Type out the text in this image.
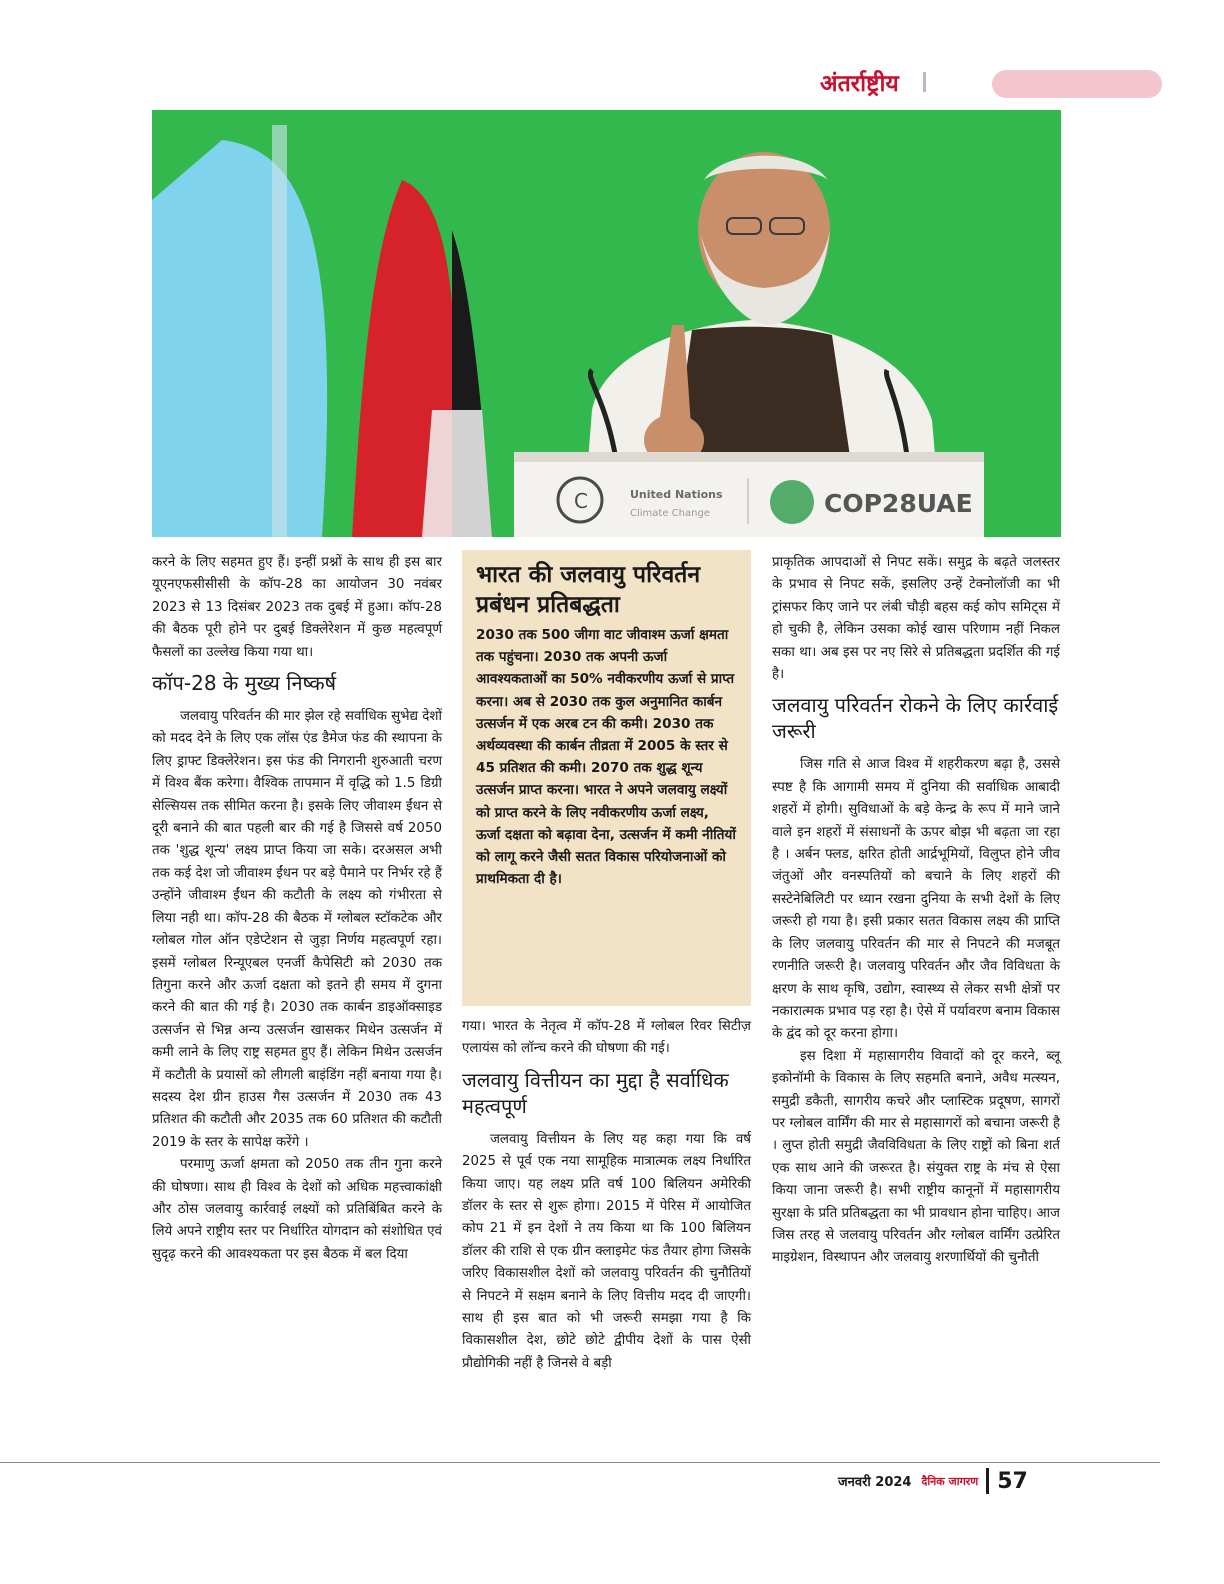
अंतर्राष्ट्रीय
C	United Nations
Climate Change	COP28UAE

करने के लिए सहमत हुए हैं। इन्हीं प्रश्नों के साथ ही इस बार यूएनएफसीसीसी के कॉप-28 का आयोजन 30 नवंबर 2023 से 13 दिसंबर 2023 तक दुबई में हुआ। कॉप-28 की बैठक पूरी होने पर दुबई डिक्लेरेशन में कुछ महत्वपूर्ण फैसलों का उल्लेख किया गया था।

कॉप-28 के मुख्य निष्कर्ष

जलवायु परिवर्तन की मार झेल रहे सर्वाधिक सुभेद्य देशों को मदद देने के लिए एक लॉस एंड डैमेज फंड की स्थापना के लिए ड्राफ्ट डिक्लेरेशन। इस फंड की निगरानी शुरुआती चरण में विश्व बैंक करेगा। वैश्विक तापमान में वृद्धि को 1.5 डिग्री सेल्सियस तक सीमित करना है। इसके लिए जीवाश्म ईंधन से दूरी बनाने की बात पहली बार की गई है जिससे वर्ष 2050 तक 'शुद्ध शून्य' लक्ष्य प्राप्त किया जा सके। दरअसल अभी तक कई देश जो जीवाश्म ईंधन पर बड़े पैमाने पर निर्भर रहे हैं उन्होंने जीवाश्म ईंधन की कटौती के लक्ष्य को गंभीरता से लिया नही था। कॉप-28 की बैठक में ग्लोबल स्टॉकटेक और ग्लोबल गोल ऑन एडेप्टेशन से जुड़ा निर्णय महत्वपूर्ण रहा। इसमें ग्लोबल रिन्यूएबल एनर्जी कैपेसिटी को 2030 तक तिगुना करने और ऊर्जा दक्षता को इतने ही समय में दुगना करने की बात की गई है। 2030 तक कार्बन डाइऑक्साइड उत्सर्जन से भिन्न अन्य उत्सर्जन खासकर मिथेन उत्सर्जन में कमी लाने के लिए राष्ट्र सहमत हुए हैं। लेकिन मिथेन उत्सर्जन में कटौती के प्रयासों को लीगली बाइंडिंग नहीं बनाया गया है। सदस्य देश ग्रीन हाउस गैस उत्सर्जन में 2030 तक 43 प्रतिशत की कटौती और 2035 तक 60 प्रतिशत की कटौती 2019 के स्तर के सापेक्ष करेंगे ।

परमाणु ऊर्जा क्षमता को 2050 तक तीन गुना करने की घोषणा। साथ ही विश्व के देशों को अधिक महत्त्वाकांक्षी और ठोस जलवायु कार्रवाई लक्ष्यों को प्रतिबिंबित करने के लिये अपने राष्ट्रीय स्तर पर निर्धारित योगदान को संशोधित एवं सुदृढ़ करने की आवश्यकता पर इस बैठक में बल दिया

भारत की जलवायु परिवर्तन प्रबंधन प्रतिबद्धता

2030 तक 500 जीगा वाट जीवाश्म ऊर्जा क्षमता तक पहुंचना। 2030 तक अपनी ऊर्जा आवश्यकताओं का 50% नवीकरणीय ऊर्जा से प्राप्त करना। अब से 2030 तक कुल अनुमानित कार्बन उत्सर्जन में एक अरब टन की कमी। 2030 तक अर्थव्यवस्था की कार्बन तीव्रता में 2005 के स्तर से 45 प्रतिशत की कमी। 2070 तक शुद्ध शून्य उत्सर्जन प्राप्त करना। भारत ने अपने जलवायु लक्ष्यों को प्राप्त करने के लिए नवीकरणीय ऊर्जा लक्ष्य, ऊर्जा दक्षता को बढ़ावा देना, उत्सर्जन में कमी नीतियों को लागू करने जैसी सतत विकास परियोजनाओं को प्राथमिकता दी है।

गया। भारत के नेतृत्व में कॉप-28 में ग्लोबल रिवर सिटीज़ एलायंस को लॉन्च करने की घोषणा की गई।

जलवायु वित्तीयन का मुद्दा है सर्वाधिक महत्वपूर्ण

जलवायु वित्तीयन के लिए यह कहा गया कि वर्ष 2025 से पूर्व एक नया सामूहिक मात्रात्मक लक्ष्य निर्धारित किया जाए। यह लक्ष्य प्रति वर्ष 100 बिलियन अमेरिकी डॉलर के स्तर से शुरू होगा। 2015 में पेरिस में आयोजित कोप 21 में इन देशों ने तय किया था कि 100 बिलियन डॉलर की राशि से एक ग्रीन क्लाइमेट फंड तैयार होगा जिसके जरिए विकासशील देशों को जलवायु परिवर्तन की चुनौतियों से निपटने में सक्षम बनाने के लिए वित्तीय मदद दी जाएगी। साथ ही इस बात को भी जरूरी समझा गया है कि विकासशील देश, छोटे छोटे द्वीपीय देशों के पास ऐसी प्रौद्योगिकी नहीं है जिनसे वे बड़ी

प्राकृतिक आपदाओं से निपट सकें। समुद्र के बढ़ते जलस्तर के प्रभाव से निपट सकें, इसलिए उन्हें टेक्नोलॉजी का भी ट्रांसफर किए जाने पर लंबी चौड़ी बहस कई कोप समिट्स में हो चुकी है, लेकिन उसका कोई खास परिणाम नहीं निकल सका था। अब इस पर नए सिरे से प्रतिबद्धता प्रदर्शित की गई है।

जलवायु परिवर्तन रोकने के लिए कार्रवाई जरूरी

जिस गति से आज विश्व में शहरीकरण बढ़ा है, उससे स्पष्ट है कि आगामी समय में दुनिया की सर्वाधिक आबादी शहरों में होगी। सुविधाओं के बड़े केन्द्र के रूप में माने जाने वाले इन शहरों में संसाधनों के ऊपर बोझ भी बढ़ता जा रहा है । अर्बन फ्लड, क्षरित होती आर्द्रभूमियों, विलुप्त होने जीव जंतुओं और वनस्पतियों को बचाने के लिए शहरों की सस्टेनेबिलिटी पर ध्यान रखना दुनिया के सभी देशों के लिए जरूरी हो गया है। इसी प्रकार सतत विकास लक्ष्य की प्राप्ति के लिए जलवायु परिवर्तन की मार से निपटने की मजबूत रणनीति जरूरी है। जलवायु परिवर्तन और जैव विविधता के क्षरण के साथ कृषि, उद्योग, स्वास्थ्य से लेकर सभी क्षेत्रों पर नकारात्मक प्रभाव पड़ रहा है। ऐसे में पर्यावरण बनाम विकास के द्वंद को दूर करना होगा।

इस दिशा में महासागरीय विवादों को दूर करने, ब्लू इकोनॉमी के विकास के लिए सहमति बनाने, अवैध मत्स्यन, समुद्री डकैती, सागरीय कचरे और प्लास्टिक प्रदूषण, सागरों पर ग्लोबल वार्मिंग की मार से महासागरों को बचाना जरूरी है । लुप्त होती समुद्री जैवविविधता के लिए राष्ट्रों को बिना शर्त एक साथ आने की जरूरत है। संयुक्त राष्ट्र के मंच से ऐसा किया जाना जरूरी है। सभी राष्ट्रीय कानूनों में महासागरीय सुरक्षा के प्रति प्रतिबद्धता का भी प्रावधान होना चाहिए। आज जिस तरह से जलवायु परिवर्तन और ग्लोबल वार्मिंग उत्प्रेरित माइग्रेशन, विस्थापन और जलवायु शरणार्थियों की चुनौती

जनवरी 2024 दैनिक जागरण 57
